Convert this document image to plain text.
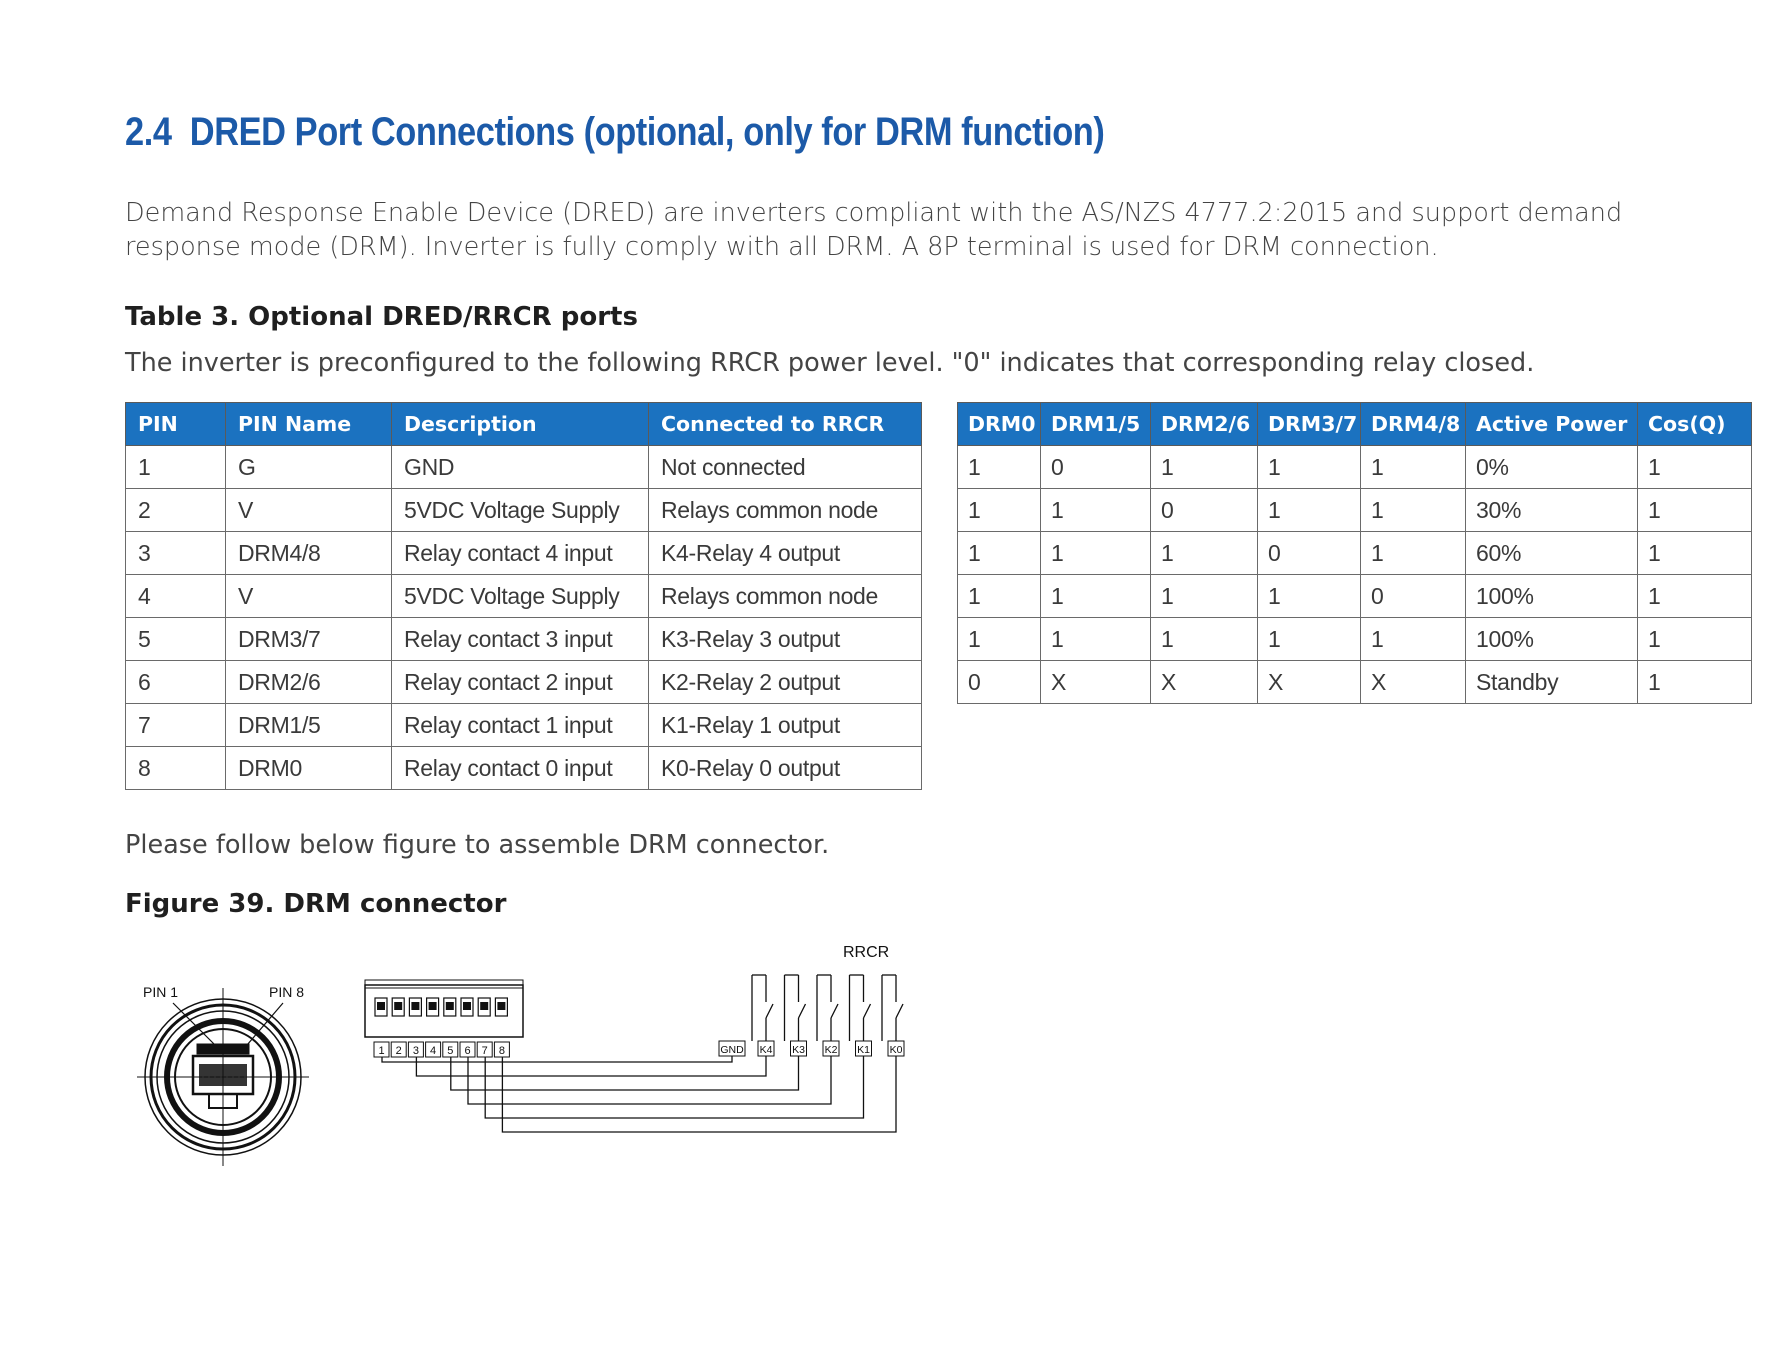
2.4 DRED Port Connections (optional, only for DRM function)
Demand Response Enable Device (DRED) are inverters compliant with the AS/NZS 4777.2:2015 and support demand
response mode (DRM). Inverter is fully comply with all DRM. A 8P terminal is used for DRM connection.
Table 3. Optional DRED/RRCR ports
The inverter is preconfigured to the following RRCR power level. "0" indicates that corresponding relay closed.
PIN	PIN Name	Description	Connected to RRCR
1	G	GND	Not connected
2	V	5VDC Voltage Supply	Relays common node
3	DRM4/8	Relay contact 4 input	K4-Relay 4 output
4	V	5VDC Voltage Supply	Relays common node
5	DRM3/7	Relay contact 3 input	K3-Relay 3 output
6	DRM2/6	Relay contact 2 input	K2-Relay 2 output
7	DRM1/5	Relay contact 1 input	K1-Relay 1 output
8	DRM0	Relay contact 0 input	K0-Relay 0 output
DRM0	DRM1/5	DRM2/6	DRM3/7	DRM4/8	Active Power	Cos(Q)
1	0	1	1	1	0%	1
1	1	0	1	1	30%	1
1	1	1	0	1	60%	1
1	1	1	1	0	100%	1
1	1	1	1	1	100%	1
0	X	X	X	X	Standby	1
Please follow below figure to assemble DRM connector.
Figure 39. DRM connector
PIN 1	PIN 8
1 2 3 4 5 6 7 8
RRCR
GND K4 K3 K2 K1 K0
